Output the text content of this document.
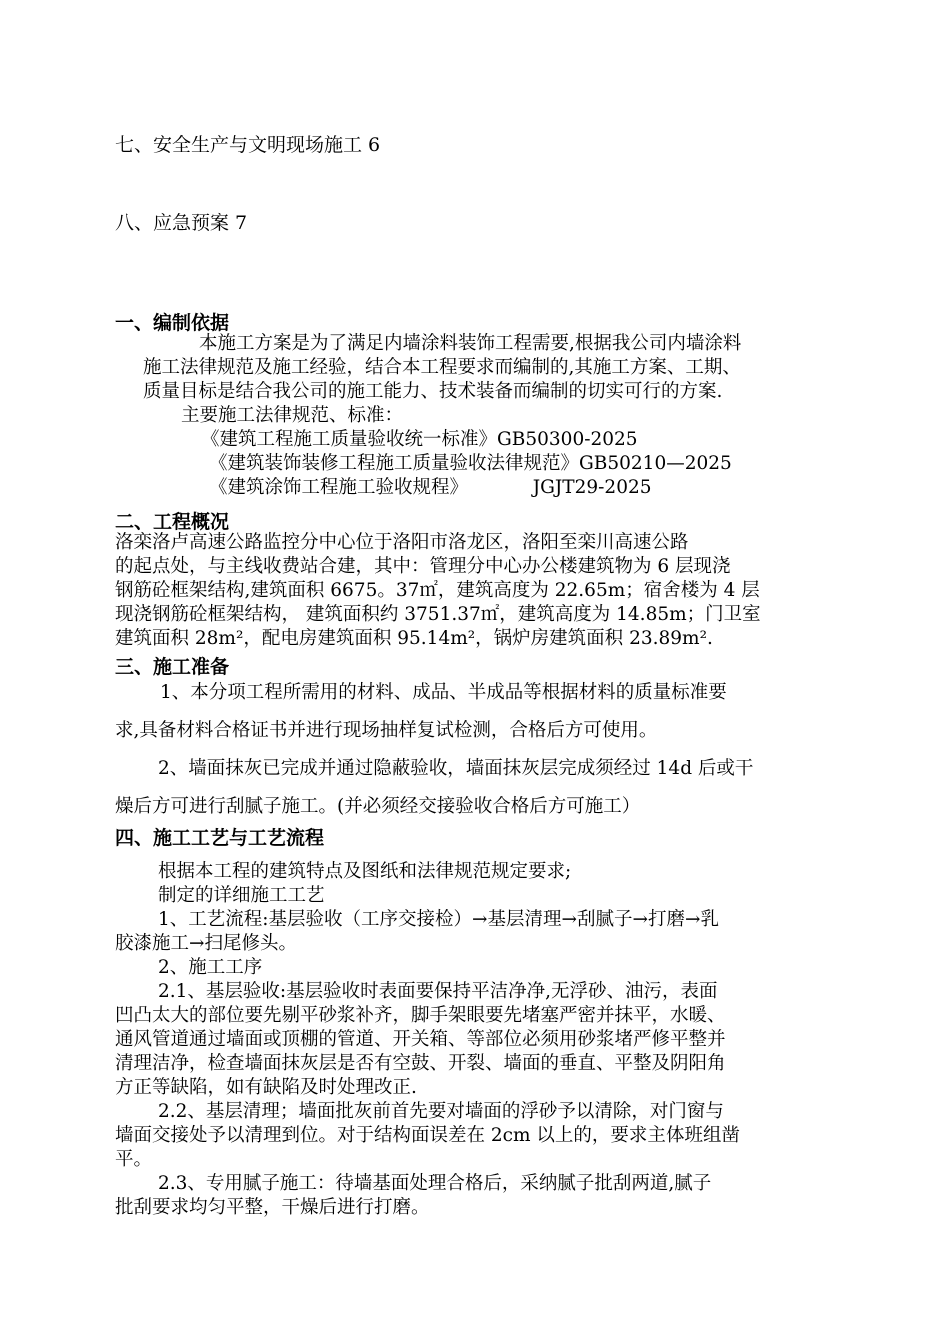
七、安全生产与文明现场施工 6
八、应急预案 7
一、编制依据
本施工方案是为了满足内墙涂料装饰工程需要,根据我公司内墙涂料
施工法律规范及施工经验，结合本工程要求而编制的,其施工方案、工期、
质量目标是结合我公司的施工能力、技术装备而编制的切实可行的方案.
主要施工法律规范、标准：
《建筑工程施工质量验收统一标准》GB50300-2025
《建筑装饰装修工程施工质量验收法律规范》GB50210—2025
《建筑涂饰工程施工验收规程》           JGJT29-2025
二、工程概况
洛栾洛卢高速公路监控分中心位于洛阳市洛龙区，洛阳至栾川高速公路
的起点处，与主线收费站合建，其中：管理分中心办公楼建筑物为 6 层现浇
钢筋砼框架结构,建筑面积 6675。37㎡，建筑高度为 22.65m；宿舍楼为 4 层
现浇钢筋砼框架结构， 建筑面积约 3751.37㎡，建筑高度为 14.85m；门卫室
建筑面积 28m²，配电房建筑面积 95.14m²，锅炉房建筑面积 23.89m².
三、施工准备
1、本分项工程所需用的材料、成品、半成品等根据材料的质量标准要
求,具备材料合格证书并进行现场抽样复试检测，合格后方可使用。
2、墙面抹灰已完成并通过隐蔽验收，墙面抹灰层完成须经过 14d 后或干
燥后方可进行刮腻子施工。(并必须经交接验收合格后方可施工）
四、施工工艺与工艺流程
根据本工程的建筑特点及图纸和法律规范规定要求;
制定的详细施工工艺
1、工艺流程:基层验收（工序交接检）→基层清理→刮腻子→打磨→乳
胶漆施工→扫尾修头。
2、施工工序
2.1、基层验收:基层验收时表面要保持平洁净净,无浮砂、油污，表面
凹凸太大的部位要先剔平砂浆补齐，脚手架眼要先堵塞严密并抹平，水暖、
通风管道通过墙面或顶棚的管道、开关箱、等部位必须用砂浆堵严修平整并
清理洁净，检查墙面抹灰层是否有空鼓、开裂、墙面的垂直、平整及阴阳角
方正等缺陷，如有缺陷及时处理改正.
2.2、基层清理；墙面批灰前首先要对墙面的浮砂予以清除，对门窗与
墙面交接处予以清理到位。对于结构面误差在 2cm 以上的，要求主体班组凿
平。
2.3、专用腻子施工：待墙基面处理合格后，采纳腻子批刮两道,腻子
批刮要求均匀平整，干燥后进行打磨。
